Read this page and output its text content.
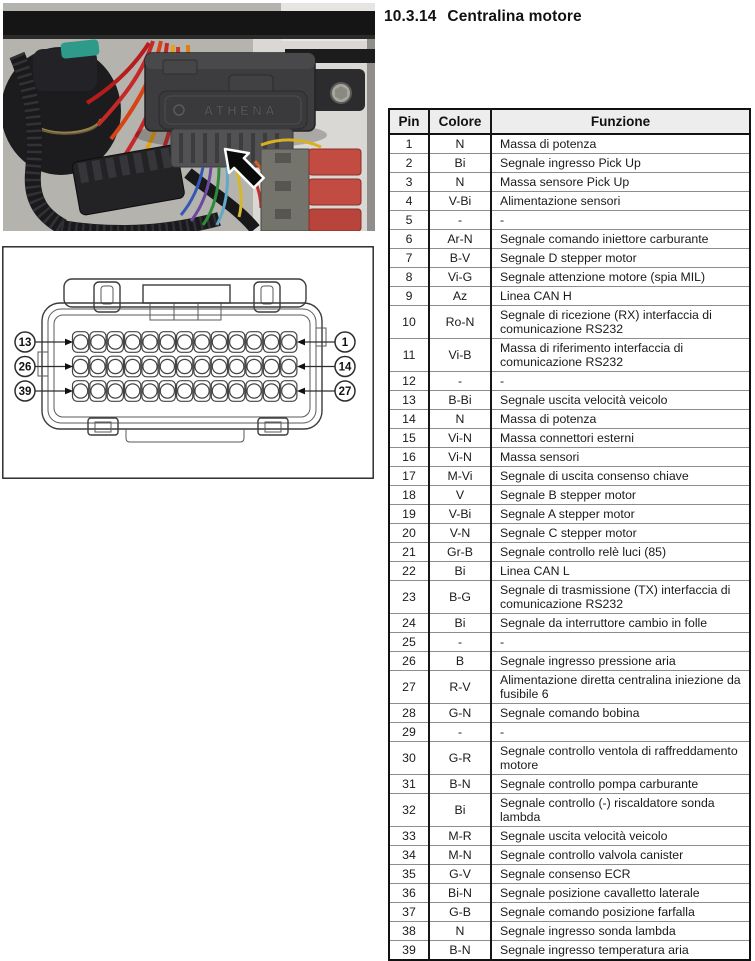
ATHENA
13
26
39
1
14
27
10.3.14 Centralina motore
Pin	Colore	Funzione
1	N	Massa di potenza
2	Bi	Segnale ingresso Pick Up
3	N	Massa sensore Pick Up
4	V-Bi	Alimentazione sensori
5	-	-
6	Ar-N	Segnale comando iniettore carburante
7	B-V	Segnale D stepper motor
8	Vi-G	Segnale attenzione motore (spia MIL)
9	Az	Linea CAN H
10	Ro-N	Segnale di ricezione (RX) interfaccia di comunicazione RS232
11	Vi-B	Massa di riferimento interfaccia di comunicazione RS232
12	-	-
13	B-Bi	Segnale uscita velocità veicolo
14	N	Massa di potenza
15	Vi-N	Massa connettori esterni
16	Vi-N	Massa sensori
17	M-Vi	Segnale di uscita consenso chiave
18	V	Segnale B stepper motor
19	V-Bi	Segnale A stepper motor
20	V-N	Segnale C stepper motor
21	Gr-B	Segnale controllo relè luci (85)
22	Bi	Linea CAN L
23	B-G	Segnale di trasmissione (TX) interfaccia di comunicazione RS232
24	Bi	Segnale da interruttore cambio in folle
25	-	-
26	B	Segnale ingresso pressione aria
27	R-V	Alimentazione diretta centralina iniezione da fusibile 6
28	G-N	Segnale comando bobina
29	-	-
30	G-R	Segnale controllo ventola di raffreddamento motore
31	B-N	Segnale controllo pompa carburante
32	Bi	Segnale controllo (-) riscaldatore sonda lambda
33	M-R	Segnale uscita velocità veicolo
34	M-N	Segnale controllo valvola canister
35	G-V	Segnale consenso ECR
36	Bi-N	Segnale posizione cavalletto laterale
37	G-B	Segnale comando posizione farfalla
38	N	Segnale ingresso sonda lambda
39	B-N	Segnale ingresso temperatura aria
